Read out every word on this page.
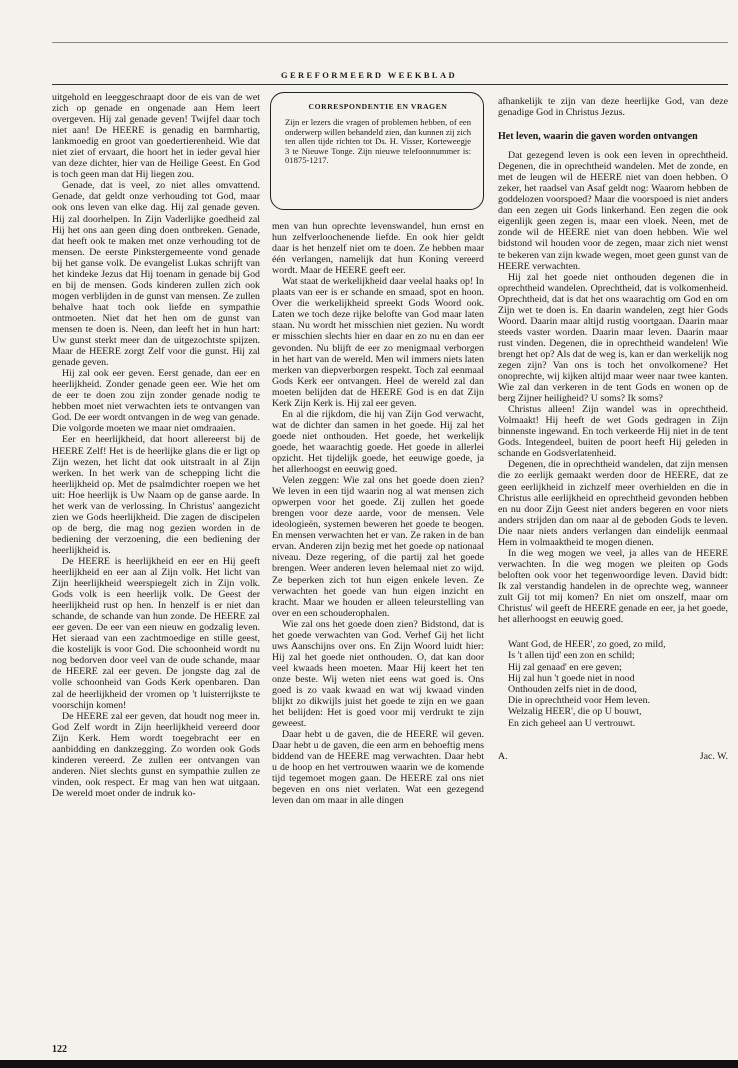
GEREFORMEERD WEEKBLAD

uitgehold en leeggeschraapt door de eis van de wet zich op genade en ongenade aan Hem leert overgeven. Hij zal genade geven! Twijfel daar toch niet aan! De HEERE is genadig en barmhartig, lankmoedig en groot van goedertierenheid. Wie dat niet ziet of ervaart, die hoort het in ieder geval hier van deze dichter, hier van de Heilige Geest. En God is toch geen man dat Hij liegen zou.

Genade, dat is veel, zo niet alles omvattend. Genade, dat geldt onze verhouding tot God, maar ook ons leven van elke dag. Hij zal genade geven. Hij zal doorhelpen. In Zijn Vaderlijke goedheid zal Hij het ons aan geen ding doen ontbreken. Genade, dat heeft ook te maken met onze verhouding tot de mensen. De eerste Pinkstergemeente vond genade bij het ganse volk. De evangelist Lukas schrijft van het kindeke Jezus dat Hij toenam in genade bij God en bij de mensen. Gods kinderen zullen zich ook mogen verblijden in de gunst van mensen. Ze zullen behalve haat toch ook liefde en sympathie ontmoeten. Niet dat het hen om de gunst van mensen te doen is. Neen, dan leeft het in hun hart: Uw gunst sterkt meer dan de uitgezochtste spijzen. Maar de HEERE zorgt Zelf voor die gunst. Hij zal genade geven.

Hij zal ook eer geven. Eerst genade, dan eer en heerlijkheid. Zonder genade geen eer. Wie het om de eer te doen zou zijn zonder genade nodig te hebben moet niet verwachten iets te ontvangen van God. De eer wordt ontvangen in de weg van genade. Die volgorde moeten we maar niet omdraaien.

Eer en heerlijkheid, dat hoort allereerst bij de HEERE Zelf! Het is de heerlijke glans die er ligt op Zijn wezen, het licht dat ook uitstraalt in al Zijn werken. In het werk van de schepping licht die heerlijkheid op. Met de psalmdichter roepen we het uit: Hoe heerlijk is Uw Naam op de ganse aarde. In het werk van de verlossing. In Christus' aangezicht zien we Gods heerlijkheid. Die zagen de discipelen op de berg, die mag nog gezien worden in de bediening der verzoening, die een bediening der heerlijkheid is.

De HEERE is heerlijkheid en eer en Hij geeft heerlijkheid en eer aan al Zijn volk. Het licht van Zijn heerlijkheid weerspiegelt zich in Zijn volk. Gods volk is een heerlijk volk. De Geest der heerlijkheid rust op hen. In henzelf is er niet dan schande, de schande van hun zonde. De HEERE zal eer geven. De eer van een nieuw en godzalig leven. Het sieraad van een zachtmoedige en stille geest, die kostelijk is voor God. Die schoonheid wordt nu nog bedorven door veel van de oude schande, maar de HEERE zal eer geven. De jongste dag zal de volle schoonheid van Gods Kerk openbaren. Dan zal de heerlijkheid der vromen op 't luisterrijkste te voorschijn komen!

De HEERE zal eer geven, dat houdt nog meer in. God Zelf wordt in Zijn heerlijkheid vereerd door Zijn Kerk. Hem wordt toegebracht eer en aanbidding en dankzegging. Zo worden ook Gods kinderen vereerd. Ze zullen eer ontvangen van anderen. Niet slechts gunst en sympathie zullen ze vinden, ook respect. Er mag van hen wat uitgaan. De wereld moet onder de indruk ko-

CORRESPONDENTIE EN VRAGEN
Zijn er lezers die vragen of problemen hebben, of een onderwerp willen behandeld zien, dan kunnen zij zich ten allen tijde richten tot Ds. H. Visser, Korteweegje 3 te Nieuwe Tonge. Zijn nieuwe telefoonnummer is: 01875-1217.

men van hun oprechte levenswandel, hun ernst en hun zelfverloochenende liefde. En ook hier geldt daar is het henzelf niet om te doen. Ze hebben maar één verlangen, namelijk dat hun Koning vereerd wordt. Maar de HEERE geeft eer.

Wat staat de werkelijkheid daar veelal haaks op! In plaats van eer is er schande en smaad, spot en hoon. Over die werkelijkheid spreekt Gods Woord ook. Laten we toch deze rijke belofte van God maar laten staan. Nu wordt het misschien niet gezien. Nu wordt er misschien slechts hier en daar en zo nu en dan eer gevonden. Nu blijft de eer zo menigmaal verborgen in het hart van de wereld. Men wil immers niets laten merken van diepverborgen respekt. Toch zal eenmaal Gods Kerk eer ontvangen. Heel de wereld zal dan moeten belijden dat de HEERE God is en dat Zijn Kerk Zijn Kerk is. Hij zal eer geven.

En al die rijkdom, die hij van Zijn God verwacht, wat de dichter dan samen in het goede. Hij zal het goede niet onthouden. Het goede, het werkelijk goede, het waarachtig goede. Het goede in allerlei opzicht. Het tijdelijk goede, het eeuwige goede, ja het allerhoogst en eeuwig goed.

Velen zeggen: Wie zal ons het goede doen zien? We leven in een tijd waarin nog al wat mensen zich opwerpen voor het goede. Zij zullen het goede brengen voor deze aarde, voor de mensen. Vele ideologieën, systemen beweren het goede te beogen. En mensen verwachten het er van. Ze raken in de ban ervan. Anderen zijn bezig met het goede op nationaal niveau. Deze regering, of die partij zal het goede brengen. Weer anderen leven helemaal niet zo wijd. Ze beperken zich tot hun eigen enkele leven. Ze verwachten het goede van hun eigen inzicht en kracht. Maar we houden er alleen teleurstelling van over en een schouderophalen.

Wie zal ons het goede doen zien? Bidstond, dat is het goede verwachten van God. Verhef Gij het licht uws Aanschijns over ons. En Zijn Woord luidt hier: Hij zal het goede niet onthouden. O, dat kan door veel kwaads heen moeten. Maar Hij keert het ten onze beste. Wij weten niet eens wat goed is. Ons goed is zo vaak kwaad en wat wij kwaad vinden blijkt zo dikwijls juist het goede te zijn en we gaan het belijden: Het is goed voor mij verdrukt te zijn geweest.

Daar hebt u de gaven, die de HEERE wil geven. Daar hebt u de gaven, die een arm en behoeftig mens biddend van de HEERE mag verwachten. Daar hebt u de hoop en het vertrouwen waarin we de komende tijd tegemoet mogen gaan. De HEERE zal ons niet begeven en ons niet verlaten. Wat een gezegend leven dan om maar in alle dingen

afhankelijk te zijn van deze heerlijke God, van deze genadige God in Christus Jezus.

Het leven, waarin die gaven worden ontvangen

Dat gezegend leven is ook een leven in oprechtheid. Degenen, die in oprechtheid wandelen. Met de zonde, en met de leugen wil de HEERE niet van doen hebben. O zeker, het raadsel van Asaf geldt nog: Waarom hebben de goddelozen voorspoed? Maar die voorspoed is niet anders dan een zegen uit Gods linkerhand. Een zegen die ook eigenlijk geen zegen is, maar een vloek. Neen, met de zonde wil de HEERE niet van doen hebben. Wie wel bidstond wil houden voor de zegen, maar zich niet wenst te bekeren van zijn kwade wegen, moet geen gunst van de HEERE verwachten.

Hij zal het goede niet onthouden degenen die in oprechtheid wandelen. Oprechtheid, dat is volkomenheid. Oprechtheid, dat is dat het ons waarachtig om God en om Zijn wet te doen is. En daarin wandelen, zegt hier Gods Woord. Daarin maar altijd rustig voortgaan. Daarin maar steeds vaster worden. Daarin maar leven. Daarin maar rust vinden. Degenen, die in oprechtheid wandelen! Wie brengt het op? Als dat de weg is, kan er dan werkelijk nog zegen zijn? Van ons is toch het onvolkomene? Het onoprechte, wij kijken altijd maar weer naar twee kanten. Wie zal dan verkeren in de tent Gods en wonen op de berg Zijner heiligheid? U soms? Ik soms?

Christus alleen! Zijn wandel was in oprechtheid. Volmaakt! Hij heeft de wet Gods gedragen in Zijn binnenste ingewand. En toch verkeerde Hij niet in de tent Gods. Integendeel, buiten de poort heeft Hij geleden in schande en Godsverlatenheid.

Degenen, die in oprechtheid wandelen, dat zijn mensen die zo eerlijk gemaakt werden door de HEERE, dat ze geen eerlijkheid in zichzelf meer overhielden en die in Christus alle eerlijkheid en oprechtheid gevonden hebben en nu door Zijn Geest niet anders begeren en voor niets anders strijden dan om naar al de geboden Gods te leven. Die naar niets anders verlangen dan eindelijk eenmaal Hem in volmaaktheid te mogen dienen.

In die weg mogen we veel, ja alles van de HEERE verwachten. In die weg mogen we pleiten op Gods beloften ook voor het tegenwoordige leven. David bidt: Ik zal verstandig handelen in de oprechte weg, wanneer zult Gij tot mij komen? En niet om onszelf, maar om Christus' wil geeft de HEERE genade en eer, ja het goede, het allerhoogst en eeuwig goed.

Want God, de HEER', zo goed, zo mild,
Is 't allen tijd' een zon en schild;
Hij zal genaad' en ere geven;
Hij zal hun 't goede niet in nood
Onthouden zelfs niet in de dood,
Die in oprechtheid voor Hem leven.
Welzalig HEER', die op U bouwt,
En zich geheel aan U vertrouwt.
A.	Jac. W.
122
